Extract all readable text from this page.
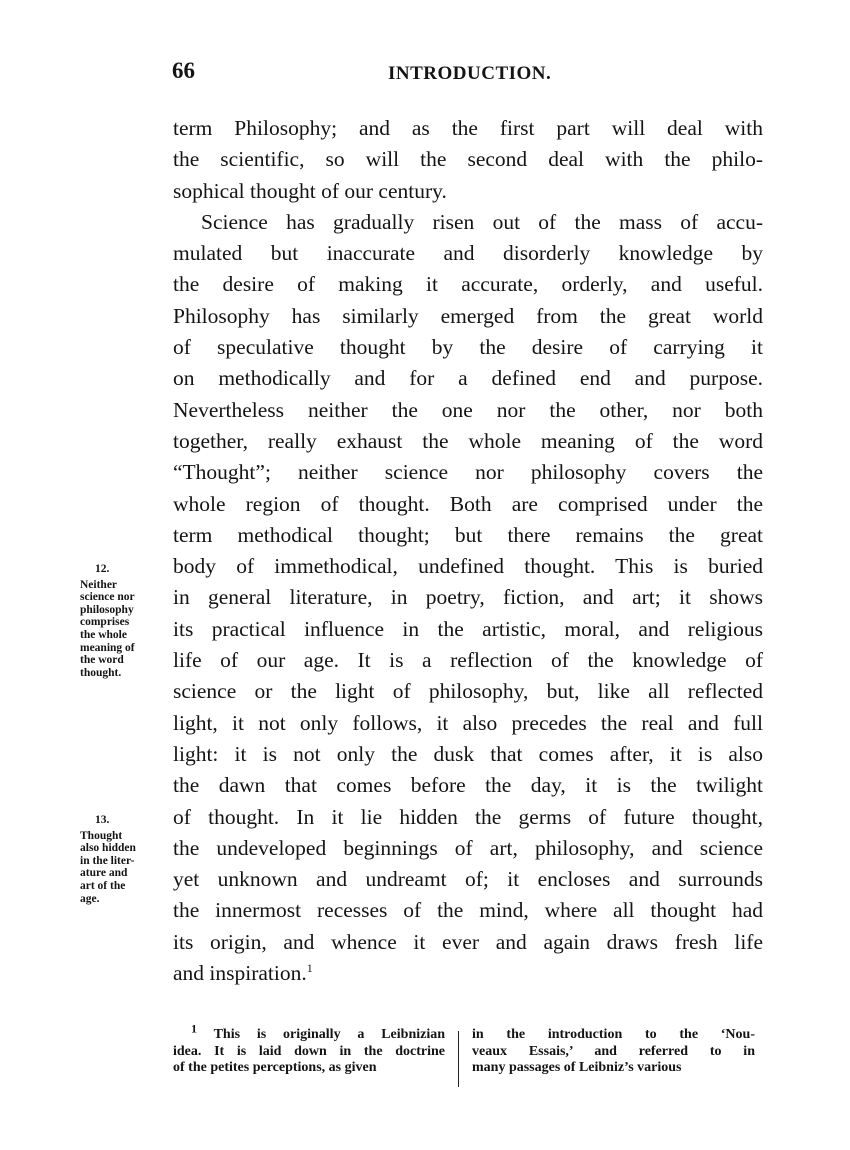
66	INTRODUCTION.
term Philosophy; and as the first part will deal with
the scientific, so will the second deal with the philo-
sophical thought of our century.
Science has gradually risen out of the mass of accu-
mulated but inaccurate and disorderly knowledge by
the desire of making it accurate, orderly, and useful.
Philosophy has similarly emerged from the great world
of speculative thought by the desire of carrying it
on methodically and for a defined end and purpose.
Nevertheless neither the one nor the other, nor both
together, really exhaust the whole meaning of the word
“Thought”; neither science nor philosophy covers the
whole region of thought. Both are comprised under the
term methodical thought; but there remains the great
body of immethodical, undefined thought. This is buried
in general literature, in poetry, fiction, and art; it shows
its practical influence in the artistic, moral, and religious
life of our age. It is a reflection of the knowledge of
science or the light of philosophy, but, like all reflected
light, it not only follows, it also precedes the real and full
light: it is not only the dusk that comes after, it is also
the dawn that comes before the day, it is the twilight
of thought. In it lie hidden the germs of future thought,
the undeveloped beginnings of art, philosophy, and science
yet unknown and undreamt of; it encloses and surrounds
the innermost recesses of the mind, where all thought had
its origin, and whence it ever and again draws fresh life
and inspiration.$^1$
12.
Neither
science nor
philosophy
comprises
the whole
meaning of
the word
thought.
13.
Thought
also hidden
in the liter-
ature and
art of the
age.
$^1$ This is originally a Leibnizian
idea. It is laid down in the doctrine
of the petites perceptions, as given
in the introduction to the ‘Nou-
veaux Essais,’ and referred to in
many passages of Leibniz’s various
